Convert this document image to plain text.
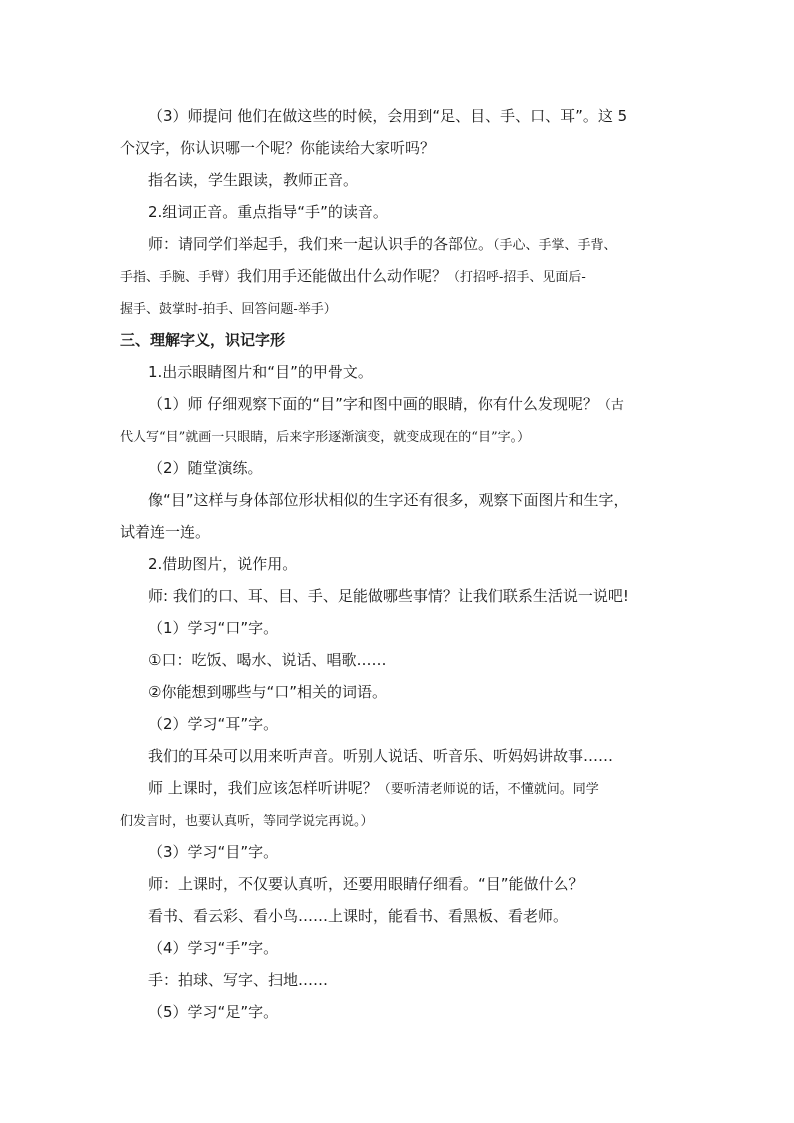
（3）师提问 他们在做这些的时候，会用到“足、目、手、口、耳”。这 5
个汉字，你认识哪一个呢？你能读给大家听吗？
指名读，学生跟读，教师正音。
2.组词正音。重点指导“手”的读音。
师：请同学们举起手，我们来一起认识手的各部位。（手心、手掌、手背、
手指、手腕、手臂）我们用手还能做出什么动作呢？（打招呼-招手、见面后-
握手、鼓掌时-拍手、回答问题-举手）
三、理解字义，识记字形
1.出示眼睛图片和“目”的甲骨文。
（1）师 仔细观察下面的“目”字和图中画的眼睛，你有什么发现呢？（古
代人写“目”就画一只眼睛，后来字形逐渐演变，就变成现在的“目”字。）
（2）随堂演练。
像“目”这样与身体部位形状相似的生字还有很多，观察下面图片和生字，
试着连一连。
2.借助图片，说作用。
师: 我们的口、耳、目、手、足能做哪些事情？让我们联系生活说一说吧!
（1）学习“口”字。
①口：吃饭、喝水、说话、唱歌……
②你能想到哪些与“口”相关的词语。
（2）学习“耳”字。
我们的耳朵可以用来听声音。听别人说话、听音乐、听妈妈讲故事……
师 上课时，我们应该怎样听讲呢？（要听清老师说的话，不懂就问。同学
们发言时，也要认真听，等同学说完再说。）
（3）学习“目”字。
师：上课时，不仅要认真听，还要用眼睛仔细看。“目”能做什么？
看书、看云彩、看小鸟……上课时，能看书、看黑板、看老师。
（4）学习“手”字。
手：拍球、写字、扫地……
（5）学习“足”字。
